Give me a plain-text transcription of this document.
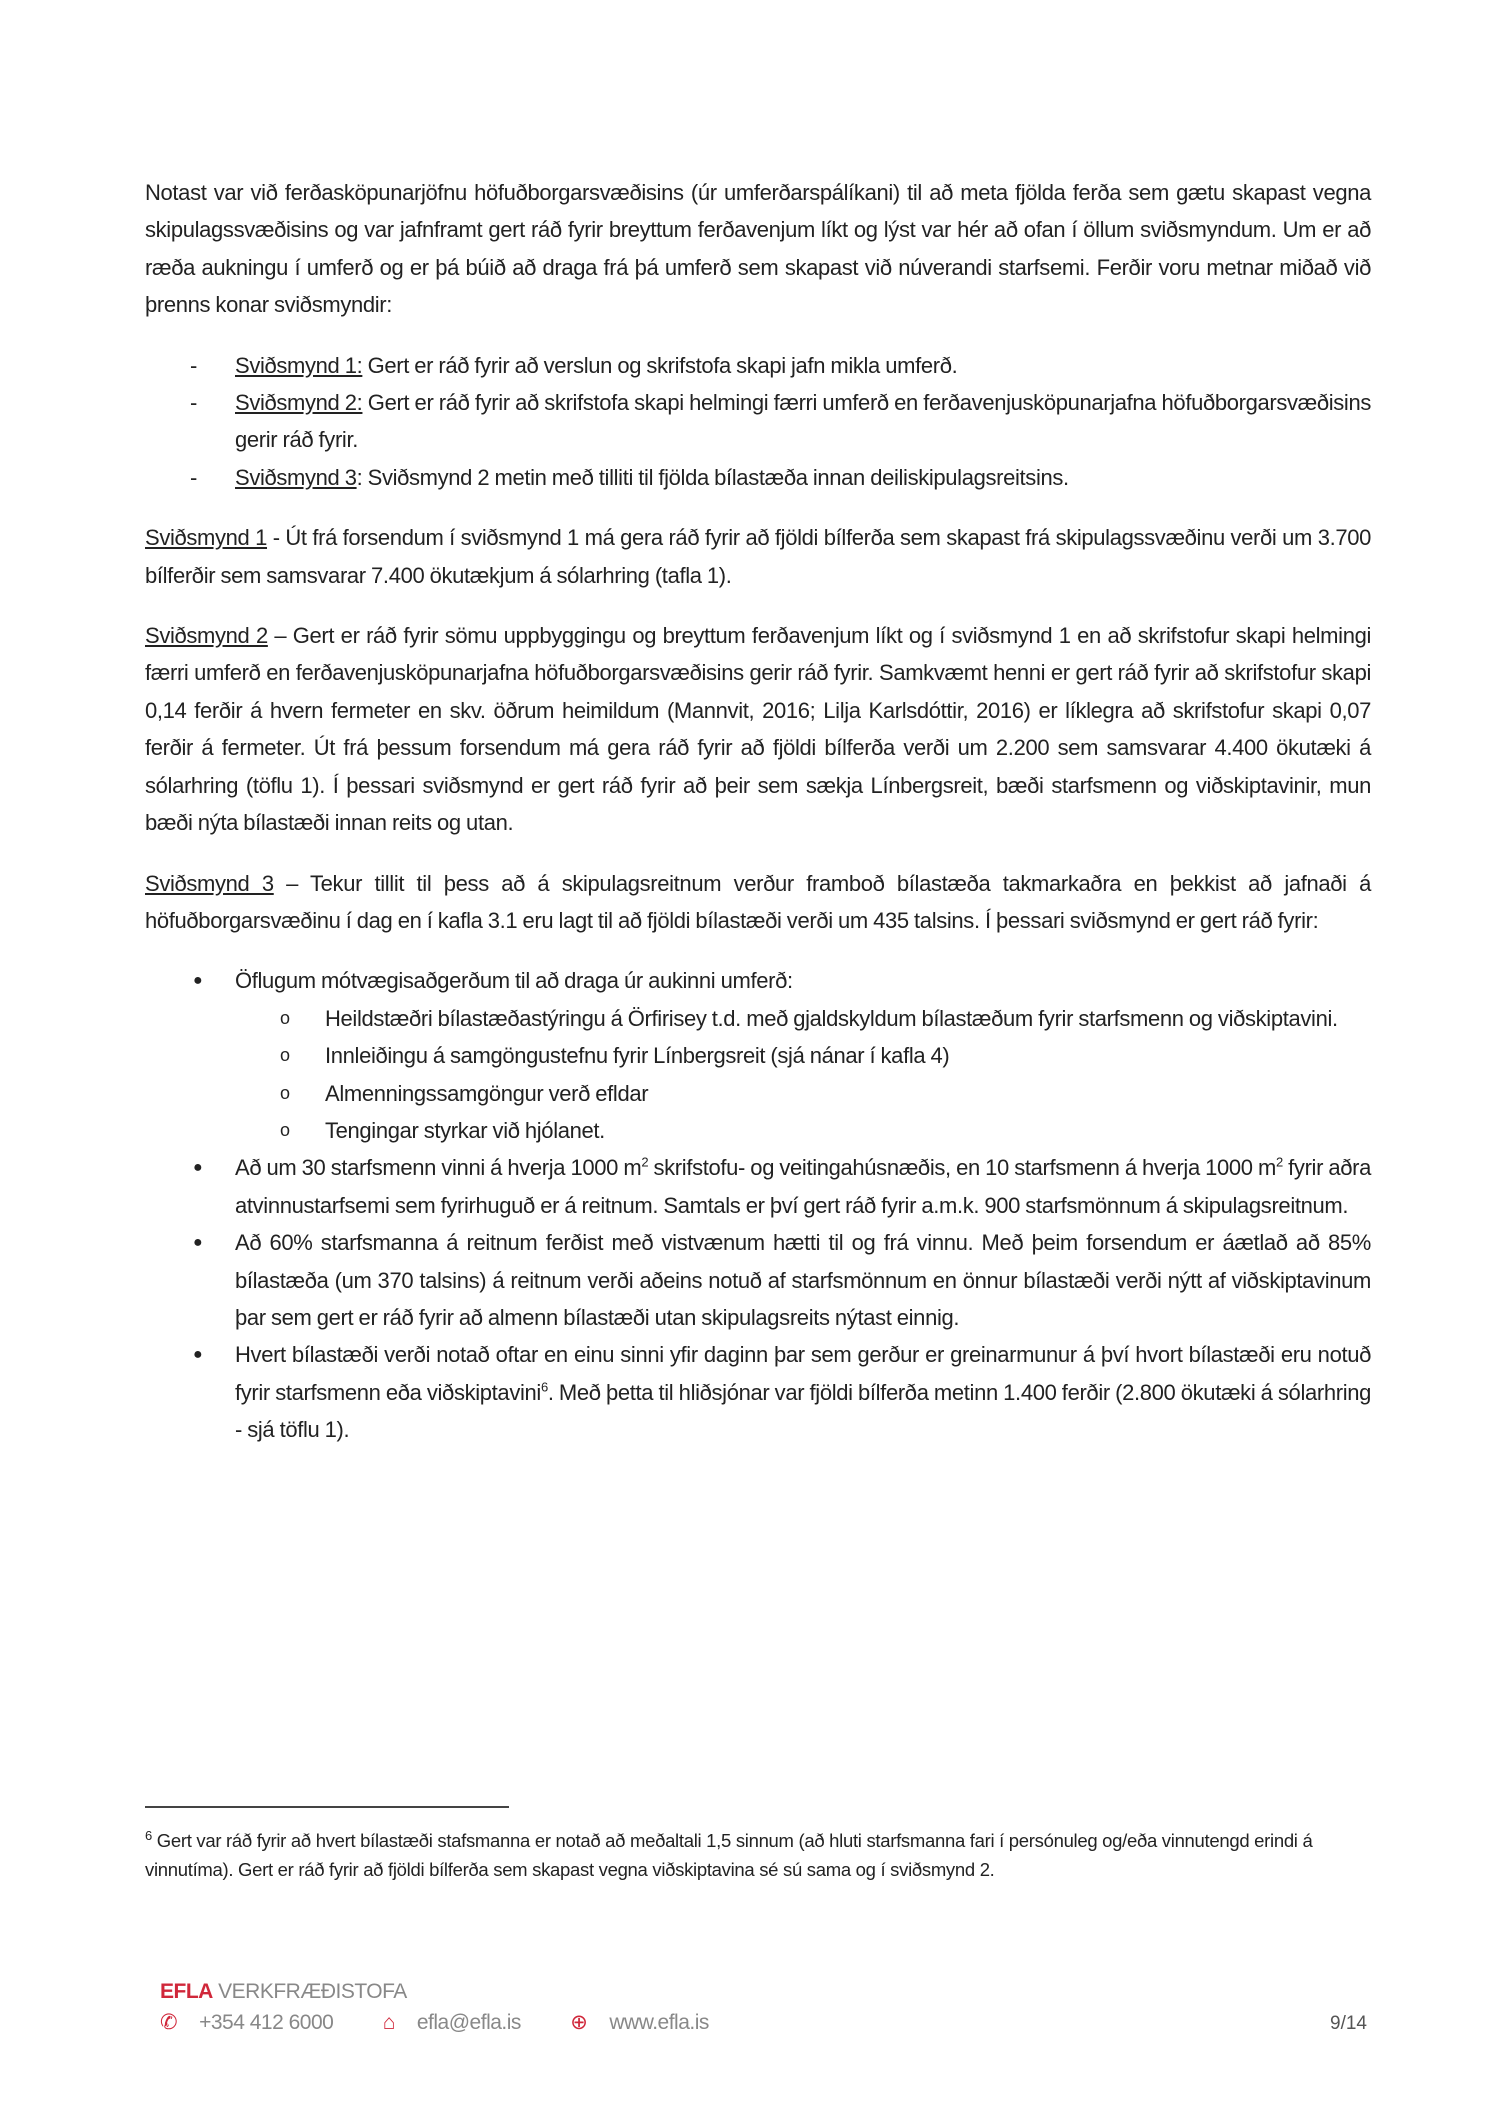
Notast var við ferðasköpunarjöfnu höfuðborgarsvæðisins (úr umferðarspálíkani) til að meta fjölda ferða sem gætu skapast vegna skipulagssvæðisins og var jafnframt gert ráð fyrir breyttum ferðavenjum líkt og lýst var hér að ofan í öllum sviðsmyndum. Um er að ræða aukningu í umferð og er þá búið að draga frá þá umferð sem skapast við núverandi starfsemi. Ferðir voru metnar miðað við þrenns konar sviðsmyndir:

- Sviðsmynd 1: Gert er ráð fyrir að verslun og skrifstofa skapi jafn mikla umferð.
- Sviðsmynd 2: Gert er ráð fyrir að skrifstofa skapi helmingi færri umferð en ferðavenjusköpunarjafna höfuðborgarsvæðisins gerir ráð fyrir.
- Sviðsmynd 3: Sviðsmynd 2 metin með tilliti til fjölda bílastæða innan deiliskipulagsreitsins.

Sviðsmynd 1 - Út frá forsendum í sviðsmynd 1 má gera ráð fyrir að fjöldi bílferða sem skapast frá skipulagssvæðinu verði um 3.700 bílferðir sem samsvarar 7.400 ökutækjum á sólarhring (tafla 1).

Sviðsmynd 2 – Gert er ráð fyrir sömu uppbyggingu og breyttum ferðavenjum líkt og í sviðsmynd 1 en að skrifstofur skapi helmingi færri umferð en ferðavenjusköpunarjafna höfuðborgarsvæðisins gerir ráð fyrir. Samkvæmt henni er gert ráð fyrir að skrifstofur skapi 0,14 ferðir á hvern fermeter en skv. öðrum heimildum (Mannvit, 2016; Lilja Karlsdóttir, 2016) er líklegra að skrifstofur skapi 0,07 ferðir á fermeter. Út frá þessum forsendum má gera ráð fyrir að fjöldi bílferða verði um 2.200 sem samsvarar 4.400 ökutæki á sólarhring (töflu 1). Í þessari sviðsmynd er gert ráð fyrir að þeir sem sækja Línbergsreit, bæði starfsmenn og viðskiptavinir, mun bæði nýta bílastæði innan reits og utan.

Sviðsmynd 3 – Tekur tillit til þess að á skipulagsreitnum verður framboð bílastæða takmarkaðra en þekkist að jafnaði á höfuðborgarsvæðinu í dag en í kafla 3.1 eru lagt til að fjöldi bílastæði verði um 435 talsins. Í þessari sviðsmynd er gert ráð fyrir:

● Öflugum mótvægisaðgerðum til að draga úr aukinni umferð:
o Heildstæðri bílastæðastýringu á Örfirisey t.d. með gjaldskyldum bílastæðum fyrir starfsmenn og viðskiptavini.
o Innleiðingu á samgöngustefnu fyrir Línbergsreit (sjá nánar í kafla 4)
o Almenningssamgöngur verð efldar
o Tengingar styrkar við hjólanet.
● Að um 30 starfsmenn vinni á hverja 1000 $m^2$ skrifstofu- og veitingahúsnæðis, en 10 starfsmenn á hverja 1000 $m^2$ fyrir aðra atvinnustarfsemi sem fyrirhuguð er á reitnum. Samtals er því gert ráð fyrir a.m.k. 900 starfsmönnum á skipulagsreitnum.
● Að 60% starfsmanna á reitnum ferðist með vistvænum hætti til og frá vinnu. Með þeim forsendum er áætlað að 85% bílastæða (um 370 talsins) á reitnum verði aðeins notuð af starfsmönnum en önnur bílastæði verði nýtt af viðskiptavinum þar sem gert er ráð fyrir að almenn bílastæði utan skipulagsreits nýtast einnig.
● Hvert bílastæði verði notað oftar en einu sinni yfir daginn þar sem gerður er greinarmunur á því hvort bílastæði eru notuð fyrir starfsmenn eða viðskiptavini$^6$. Með þetta til hliðsjónar var fjöldi bílferða metinn 1.400 ferðir (2.800 ökutæki á sólarhring - sjá töflu 1).
$^6$ Gert var ráð fyrir að hvert bílastæði stafsmanna er notað að meðaltali 1,5 sinnum (að hluti starfsmanna fari í persónuleg og/eða vinnutengd erindi á vinnutíma). Gert er ráð fyrir að fjöldi bílferða sem skapast vegna viðskiptavina sé sú sama og í sviðsmynd 2.
EFLA VERKFRÆÐISTOFA
✆ +354 412 6000 ⌂ efla@efla.is ⊕ www.efla.is	9/14
